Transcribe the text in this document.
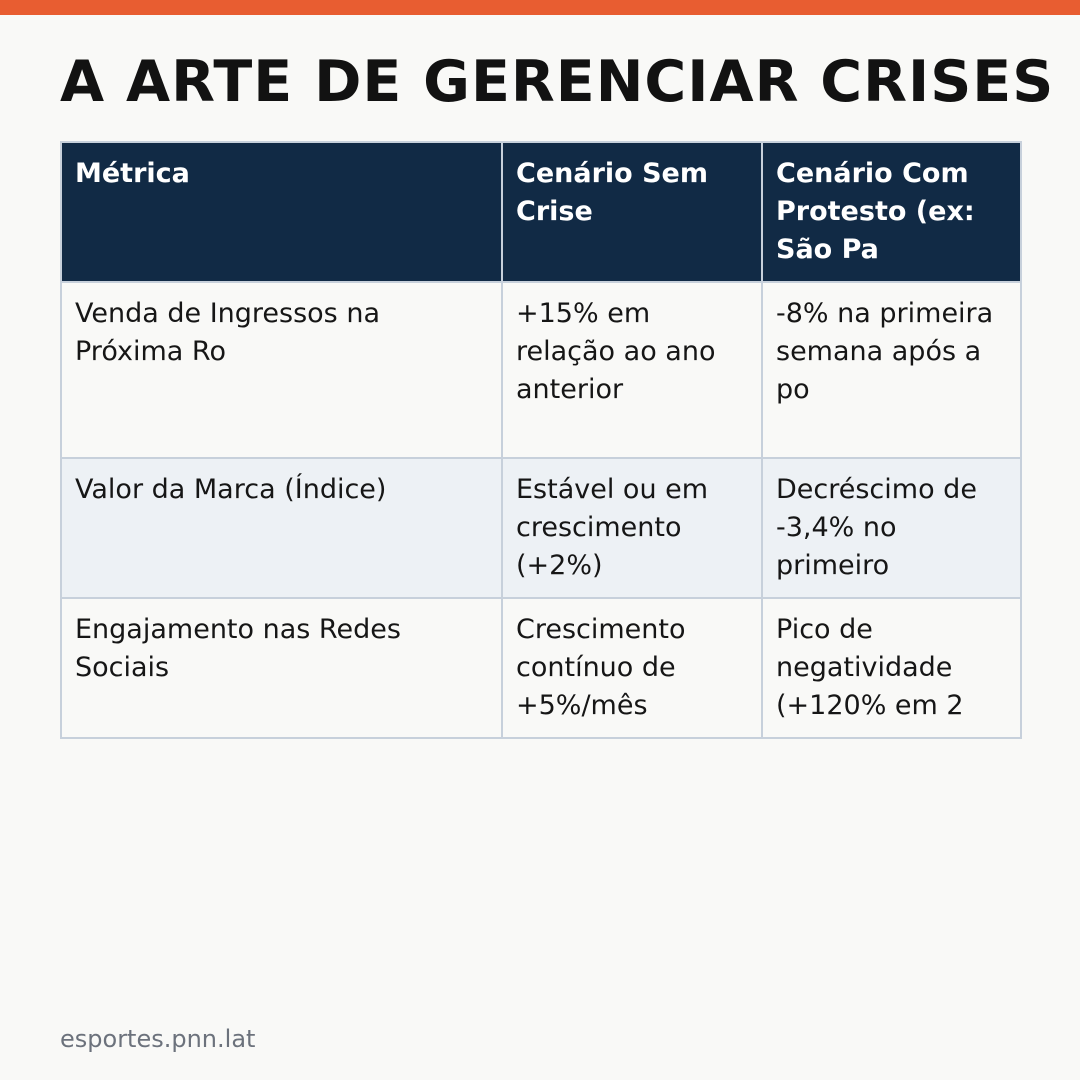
A ARTE DE GERENCIAR CRISES
Métrica	Cenário Sem Crise	Cenário Com Protesto (ex: São Pa
Venda de Ingressos na Próxima Ro	+15% em relação ao ano anterior	-8% na primeira semana após a po
Valor da Marca (Índice)	Estável ou em crescimento (+2%)	Decréscimo de -3,4% no primeiro
Engajamento nas Redes Sociais	Crescimento contínuo de +5%/mês	Pico de negatividade (+120% em 2
esportes.pnn.lat
